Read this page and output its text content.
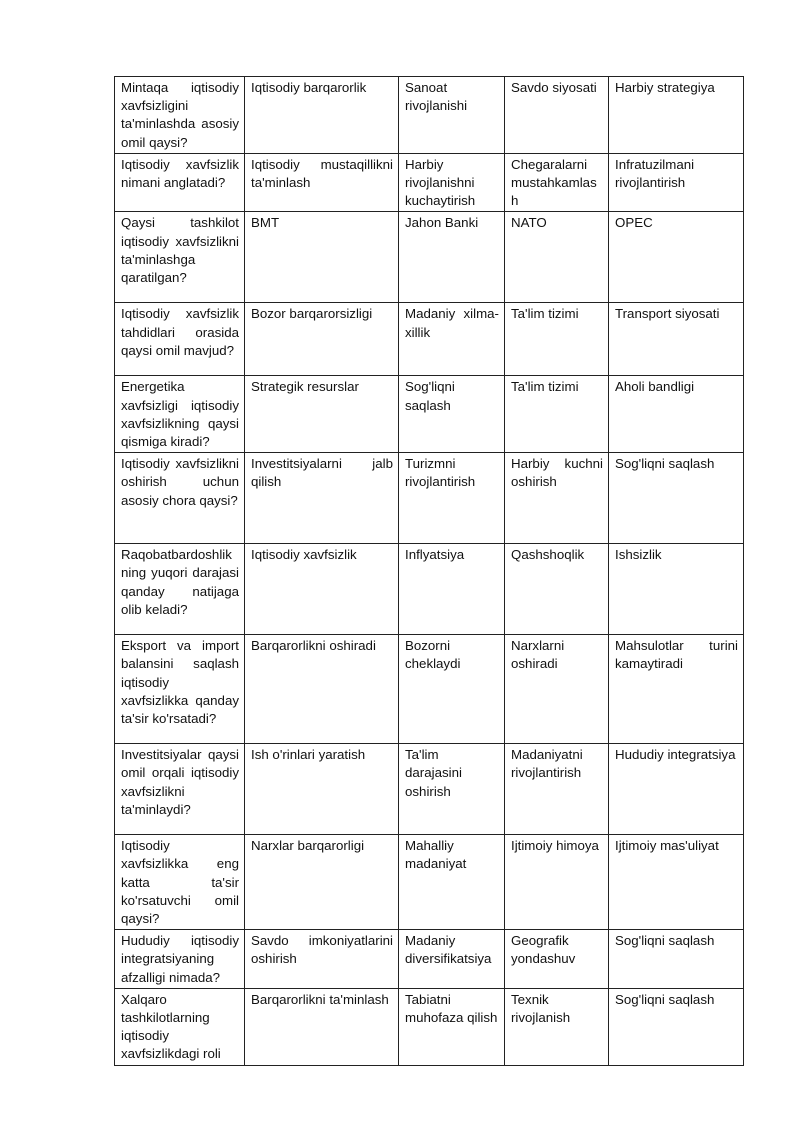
Mintaqa iqtisodiy xavfsizligini ta'minlashda asosiy omil qaysi?	Iqtisodiy barqarorlik	Sanoat rivojlanishi	Savdo siyosati	Harbiy strategiya
Iqtisodiy xavfsizlik nimani anglatadi?	Iqtisodiy mustaqillikni ta'minlash	Harbiy rivojlanishni kuchaytirish	Chegaralarni mustahkamlash	Infratuzilmani rivojlantirish
Qaysi tashkilot iqtisodiy xavfsizlikni ta'minlashga qaratilgan?	BMT	Jahon Banki	NATO	OPEC
Iqtisodiy xavfsizlik tahdidlari orasida qaysi omil mavjud?	Bozor barqarorsizligi	Madaniy xilma-xillik	Ta'lim tizimi	Transport siyosati
Energetika xavfsizligi iqtisodiy xavfsizlikning qaysi qismiga kiradi?	Strategik resurslar	Sog'liqni saqlash	Ta'lim tizimi	Aholi bandligi
Iqtisodiy xavfsizlikni oshirish uchun asosiy chora qaysi?	Investitsiyalarni jalb qilish	Turizmni rivojlantirish	Harbiy kuchni oshirish	Sog'liqni saqlash
Raqobatbardoshlikning yuqori darajasi qanday natijaga olib keladi?	Iqtisodiy xavfsizlik	Inflyatsiya	Qashshoqlik	Ishsizlik
Eksport va import balansini saqlash iqtisodiy xavfsizlikka qanday ta'sir ko'rsatadi?	Barqarorlikni oshiradi	Bozorni cheklaydi	Narxlarni oshiradi	Mahsulotlar turini kamaytiradi
Investitsiyalar qaysi omil orqali iqtisodiy xavfsizlikni ta'minlaydi?	Ish o'rinlari yaratish	Ta'lim darajasini oshirish	Madaniyatni rivojlantirish	Hududiy integratsiya
Iqtisodiy xavfsizlikka eng katta ta'sir ko'rsatuvchi omil qaysi?	Narxlar barqarorligi	Mahalliy madaniyat	Ijtimoiy himoya	Ijtimoiy mas'uliyat
Hududiy iqtisodiy integratsiyaning afzalligi nimada?	Savdo imkoniyatlarini oshirish	Madaniy diversifikatsiya	Geografik yondashuv	Sog'liqni saqlash
Xalqaro tashkilotlarning iqtisodiy xavfsizlikdagi roli	Barqarorlikni ta'minlash	Tabiatni muhofaza qilish	Texnik rivojlanish	Sog'liqni saqlash
